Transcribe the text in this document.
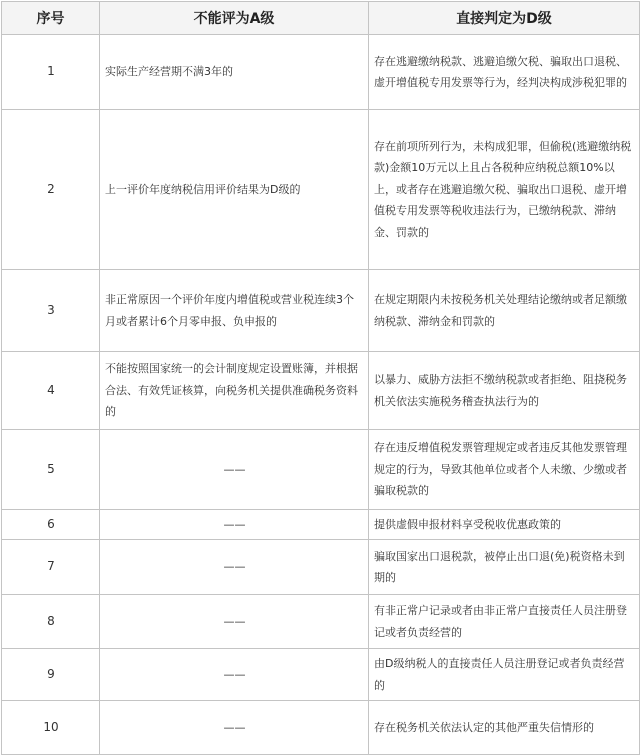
序号	不能评为A级	直接判定为D级
1	实际生产经营期不满3年的	存在逃避缴纳税款、逃避追缴欠税、骗取出口退税、虚开增值税专用发票等行为，经判决构成涉税犯罪的
2	上一评价年度纳税信用评价结果为D级的	存在前项所列行为，未构成犯罪，但偷税(逃避缴纳税款)金额10万元以上且占各税种应纳税总额10%以上，或者存在逃避追缴欠税、骗取出口退税、虚开增值税专用发票等税收违法行为，已缴纳税款、滞纳金、罚款的
3	非正常原因一个评价年度内增值税或营业税连续3个月或者累计6个月零申报、负申报的	在规定期限内未按税务机关处理结论缴纳或者足额缴纳税款、滞纳金和罚款的
4	不能按照国家统一的会计制度规定设置账簿，并根据合法、有效凭证核算，向税务机关提供准确税务资料的	以暴力、威胁方法拒不缴纳税款或者拒绝、阻挠税务机关依法实施税务稽查执法行为的
5	——	存在违反增值税发票管理规定或者违反其他发票管理规定的行为，导致其他单位或者个人未缴、少缴或者骗取税款的
6	——	提供虚假申报材料享受税收优惠政策的
7	——	骗取国家出口退税款，被停止出口退(免)税资格未到期的
8	——	有非正常户记录或者由非正常户直接责任人员注册登记或者负责经营的
9	——	由D级纳税人的直接责任人员注册登记或者负责经营的
10	——	存在税务机关依法认定的其他严重失信情形的
